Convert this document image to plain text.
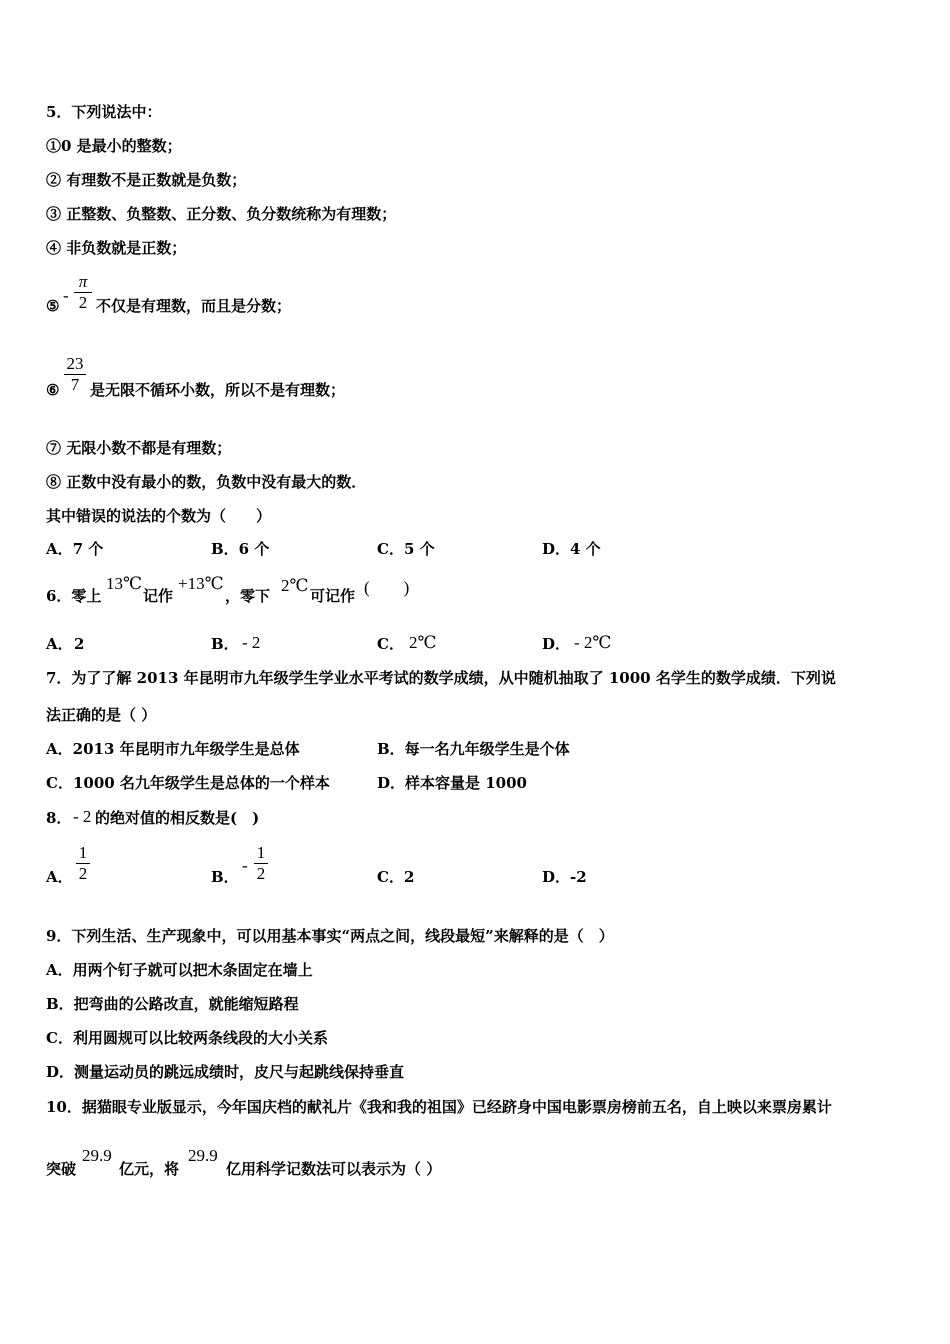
5．下列说法中：
①0 是最小的整数；
② 有理数不是正数就是负数；
③ 正整数、负整数、正分数、负分数统称为有理数；
④ 非负数就是正数；
⑤
-
π
2 不仅是有理数，而且是分数；
23
7
⑥ 是无限不循环小数，所以不是有理数；
⑦ 无限小数不都是有理数；
⑧ 正数中没有最小的数，负数中没有最大的数．
其中错误的说法的个数为（　　）
A．7 个	B．6 个	C．5 个	D．4 个
6．零上
13℃
记作
+13℃
，零下
2℃
可记作 (　　)
A． 2	B． - 2	C． 2℃	D． - 2℃
7．为了了解 2013 年昆明市九年级学生学业水平考试的数学成绩，从中随机抽取了 1000 名学生的数学成绩．下列说
法正确的是（ ）
A．2013 年昆明市九年级学生是总体	B．每一名九年级学生是个体
C．1000 名九年级学生是总体的一个样本	D．样本容量是 1000
8． - 2 的绝对值的相反数是(　)
A．
1
2	B．
-
1
2	C．2	D．-2
9．下列生活、生产现象中，可以用基本事实“两点之间，线段最短”来解释的是（　）
A．用两个钉子就可以把木条固定在墙上
B．把弯曲的公路改直，就能缩短路程
C．利用圆规可以比较两条线段的大小关系
D．测量运动员的跳远成绩时，皮尺与起跳线保持垂直
10．据猫眼专业版显示，今年国庆档的献礼片《我和我的祖国》已经跻身中国电影票房榜前五名，自上映以来票房累计
突破
29.9
亿元，将
29.9
亿用科学记数法可以表示为（ ）
